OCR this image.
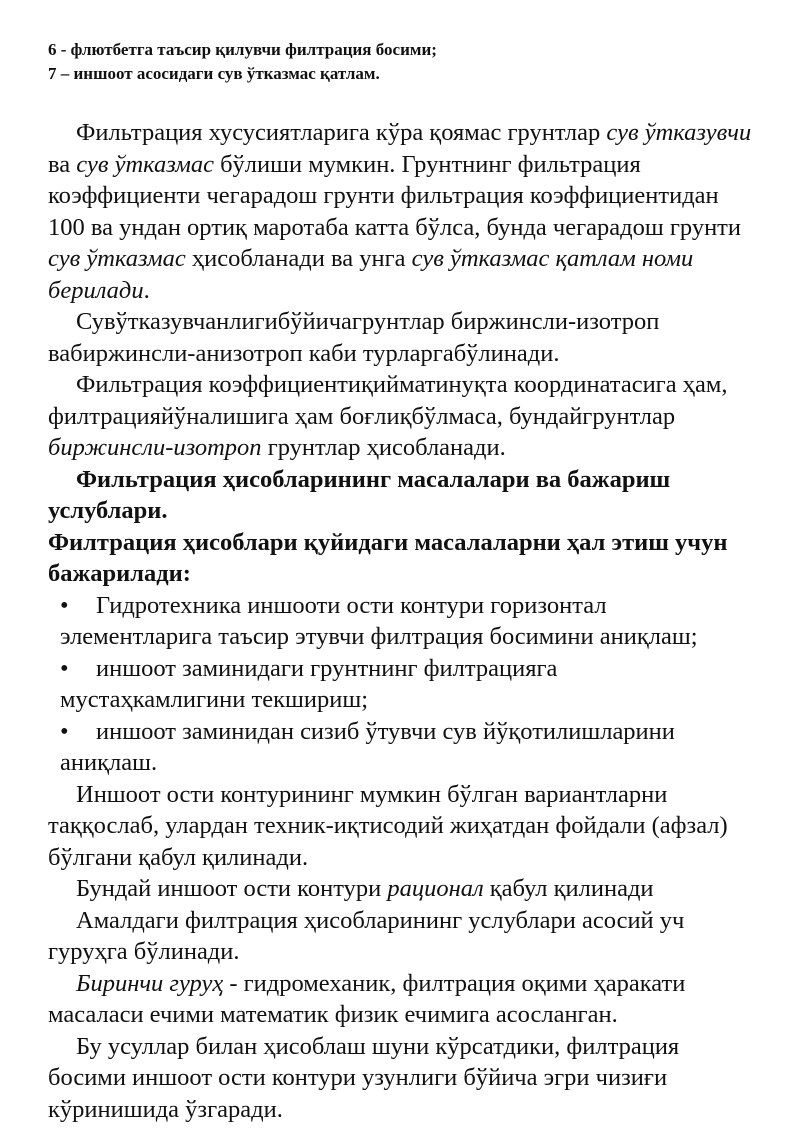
6 - флютбетга таъсир қилувчи филтрация босими;
7 – иншоот асосидаги сув ўтказмас қатлам.

Фильтрация хусусиятларига кўра қоямас грунтлар сув ўтказувчи ва сув ўтказмас бўлиши мумкин. Грунтнинг фильтрация коэффициенти чегарадош грунти фильтрация коэффициентидан 100 ва ундан ортиқ маротаба катта бўлса, бунда чегарадош грунти сув ўтказмас ҳисобланади ва унга сув ўтказмас қатлам номи берилади.

Сувўтказувчанлигибўйичагрунтлар биржинсли-изотроп вабиржинсли-анизотроп каби турларгабўлинади.

Фильтрация коэффициентиқийматинуқта координатасига ҳам, филтрацияйўналишига ҳам боғлиқбўлмаса, бундайгрунтлар биржинсли-изотроп грунтлар ҳисобланади.

Фильтрация ҳисобларининг масалалари ва бажариш услублари.

Филтрация ҳисоблари қуйидаги масалаларни ҳал этиш учун бажарилади:

•	Гидротехника иншооти ости контури горизонтал
элементларига таъсир этувчи филтрация босимини аниқлаш;
•	иншоот заминидаги грунтнинг филтрацияга
мустаҳкамлигини текшириш;
•	иншоот заминидан сизиб ўтувчи сув йўқотилишларини
аниқлаш.

Иншоот ости контурининг мумкин бўлган вариантларни таққослаб, улардан техник-иқтисодий жиҳатдан фойдали (афзал) бўлгани қабул қилинади.

Бундай иншоот ости контури рационал қабул қилинади

Амалдаги филтрация ҳисобларининг услублари асосий уч гуруҳга бўлинади.

Биринчи гуруҳ - гидромеханик, филтрация оқими ҳаракати масаласи ечими математик физик ечимига асосланган.

Бу усуллар билан ҳисоблаш шуни кўрсатдики, филтрация босими иншоот ости контури узунлиги бўйича эгри чизиғи кўринишида ўзгаради.
